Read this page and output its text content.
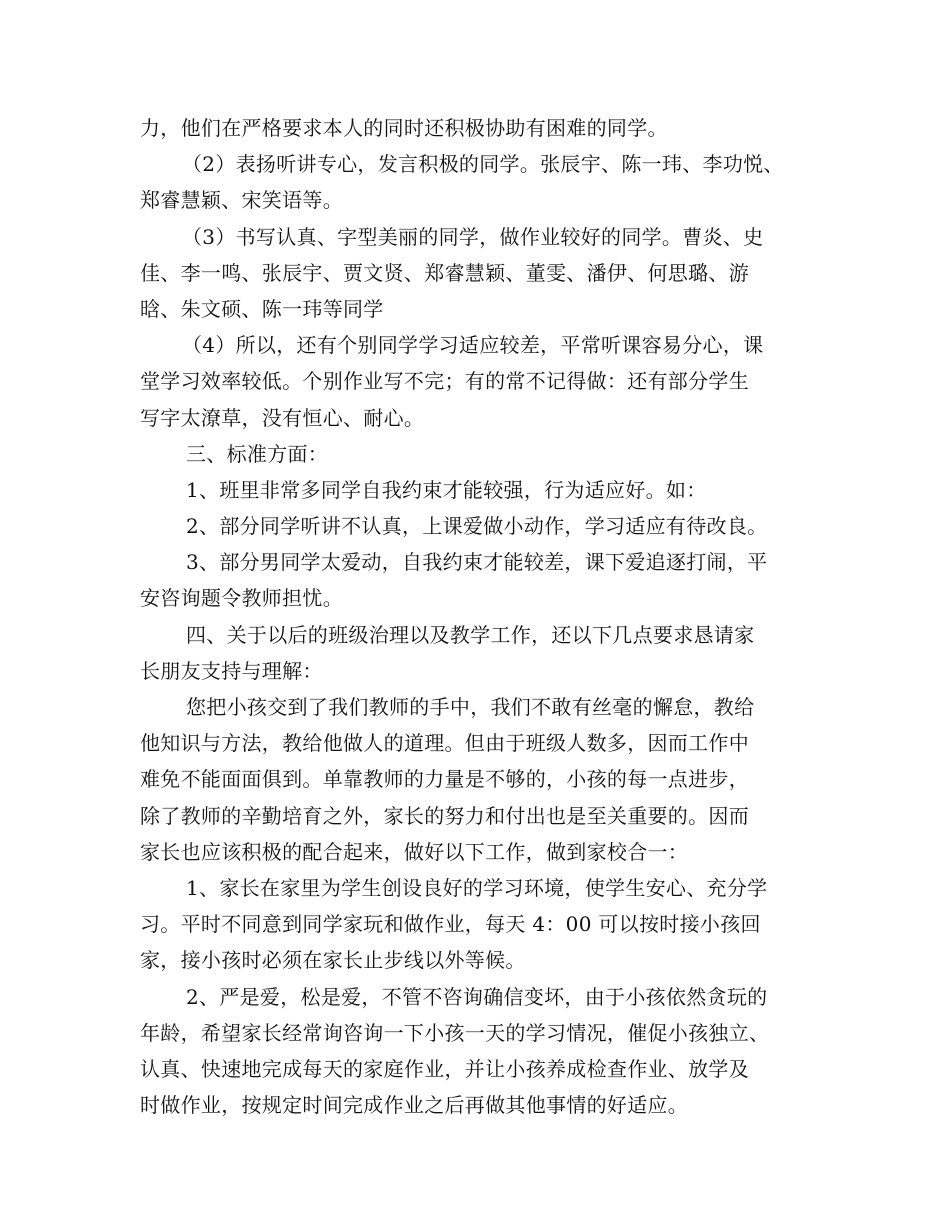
力，他们在严格要求本人的同时还积极协助有困难的同学。
（2）表扬听讲专心，发言积极的同学。张辰宇、陈一玮、李功悦、
郑睿慧颖、宋笑语等。
（3）书写认真、字型美丽的同学，做作业较好的同学。曹炎、史
佳、李一鸣、张辰宇、贾文贤、郑睿慧颖、董雯、潘伊、何思璐、游
晗、朱文硕、陈一玮等同学
（4）所以，还有个别同学学习适应较差，平常听课容易分心，课
堂学习效率较低。个别作业写不完；有的常不记得做：还有部分学生
写字太潦草，没有恒心、耐心。
三、标准方面：
1、班里非常多同学自我约束才能较强，行为适应好。如：
2、部分同学听讲不认真，上课爱做小动作，学习适应有待改良。
3、部分男同学太爱动，自我约束才能较差，课下爱追逐打闹，平
安咨询题令教师担忧。
四、关于以后的班级治理以及教学工作，还以下几点要求恳请家
长朋友支持与理解：
您把小孩交到了我们教师的手中，我们不敢有丝毫的懈怠，教给
他知识与方法，教给他做人的道理。但由于班级人数多，因而工作中
难免不能面面俱到。单靠教师的力量是不够的，小孩的每一点进步，
除了教师的辛勤培育之外，家长的努力和付出也是至关重要的。因而
家长也应该积极的配合起来，做好以下工作，做到家校合一：
1、家长在家里为学生创设良好的学习环境，使学生安心、充分学
习。平时不同意到同学家玩和做作业，每天 4：00 可以按时接小孩回
家，接小孩时必须在家长止步线以外等候。
2、严是爱，松是爱，不管不咨询确信变坏，由于小孩依然贪玩的
年龄，希望家长经常询咨询一下小孩一天的学习情况，催促小孩独立、
认真、快速地完成每天的家庭作业，并让小孩养成检查作业、放学及
时做作业，按规定时间完成作业之后再做其他事情的好适应。
